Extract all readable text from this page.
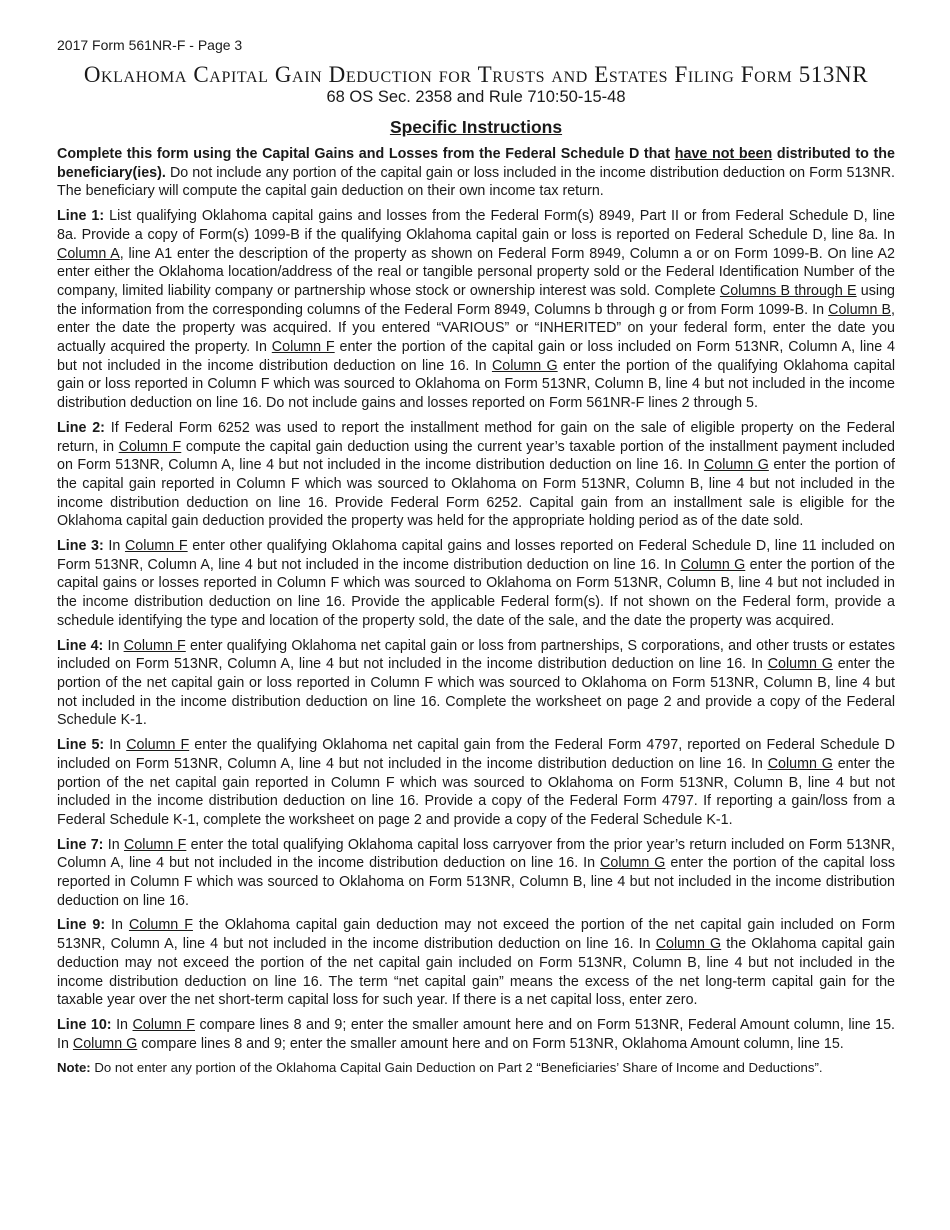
2017 Form 561NR-F - Page 3
Oklahoma Capital Gain Deduction for Trusts and Estates Filing Form 513NR
68 OS Sec. 2358 and Rule 710:50-15-48
Specific Instructions

Complete this form using the Capital Gains and Losses from the Federal Schedule D that have not been distributed to the beneficiary(ies). Do not include any portion of the capital gain or loss included in the income distribution deduction on Form 513NR. The beneficiary will compute the capital gain deduction on their own income tax return.

Line 1: List qualifying Oklahoma capital gains and losses from the Federal Form(s) 8949, Part II or from Federal Schedule D, line 8a. Provide a copy of Form(s) 1099-B if the qualifying Oklahoma capital gain or loss is reported on Federal Schedule D, line 8a. In Column A, line A1 enter the description of the property as shown on Federal Form 8949, Column a or on Form 1099-B. On line A2 enter either the Oklahoma location/address of the real or tangible personal property sold or the Federal Identification Number of the company, limited liability company or partnership whose stock or ownership interest was sold. Complete Columns B through E using the information from the corresponding columns of the Federal Form 8949, Columns b through g or from Form 1099-B. In Column B, enter the date the property was acquired. If you entered “VARIOUS” or “INHERITED” on your federal form, enter the date you actually acquired the property. In Column F enter the portion of the capital gain or loss included on Form 513NR, Column A, line 4 but not included in the income distribution deduction on line 16. In Column G enter the portion of the qualifying Oklahoma capital gain or loss reported in Column F which was sourced to Oklahoma on Form 513NR, Column B, line 4 but not included in the income distribution deduction on line 16. Do not include gains and losses reported on Form 561NR-F lines 2 through 5.

Line 2: If Federal Form 6252 was used to report the installment method for gain on the sale of eligible property on the Federal return, in Column F compute the capital gain deduction using the current year’s taxable portion of the installment payment included on Form 513NR, Column A, line 4 but not included in the income distribution deduction on line 16. In Column G enter the portion of the capital gain reported in Column F which was sourced to Oklahoma on Form 513NR, Column B, line 4 but not included in the income distribution deduction on line 16. Provide Federal Form 6252. Capital gain from an installment sale is eligible for the Oklahoma capital gain deduction provided the property was held for the appropriate holding period as of the date sold.

Line 3: In Column F enter other qualifying Oklahoma capital gains and losses reported on Federal Schedule D, line 11 included on Form 513NR, Column A, line 4 but not included in the income distribution deduction on line 16. In Column G enter the portion of the capital gains or losses reported in Column F which was sourced to Oklahoma on Form 513NR, Column B, line 4 but not included in the income distribution deduction on line 16. Provide the applicable Federal form(s). If not shown on the Federal form, provide a schedule identifying the type and location of the property sold, the date of the sale, and the date the property was acquired.

Line 4: In Column F enter qualifying Oklahoma net capital gain or loss from partnerships, S corporations, and other trusts or estates included on Form 513NR, Column A, line 4 but not included in the income distribution deduction on line 16. In Column G enter the portion of the net capital gain or loss reported in Column F which was sourced to Oklahoma on Form 513NR, Column B, line 4 but not included in the income distribution deduction on line 16. Complete the worksheet on page 2 and provide a copy of the Federal Schedule K-1.

Line 5: In Column F enter the qualifying Oklahoma net capital gain from the Federal Form 4797, reported on Federal Schedule D included on Form 513NR, Column A, line 4 but not included in the income distribution deduction on line 16. In Column G enter the portion of the net capital gain reported in Column F which was sourced to Oklahoma on Form 513NR, Column B, line 4 but not included in the income distribution deduction on line 16. Provide a copy of the Federal Form 4797. If reporting a gain/loss from a Federal Schedule K-1, complete the worksheet on page 2 and provide a copy of the Federal Schedule K-1.

Line 7: In Column F enter the total qualifying Oklahoma capital loss carryover from the prior year’s return included on Form 513NR, Column A, line 4 but not included in the income distribution deduction on line 16. In Column G enter the portion of the capital loss reported in Column F which was sourced to Oklahoma on Form 513NR, Column B, line 4 but not included in the income distribution deduction on line 16.

Line 9: In Column F the Oklahoma capital gain deduction may not exceed the portion of the net capital gain included on Form 513NR, Column A, line 4 but not included in the income distribution deduction on line 16. In Column G the Oklahoma capital gain deduction may not exceed the portion of the net capital gain included on Form 513NR, Column B, line 4 but not included in the income distribution deduction on line 16. The term “net capital gain” means the excess of the net long-term capital gain for the taxable year over the net short-term capital loss for such year. If there is a net capital loss, enter zero.

Line 10: In Column F compare lines 8 and 9; enter the smaller amount here and on Form 513NR, Federal Amount column, line 15. In Column G compare lines 8 and 9; enter the smaller amount here and on Form 513NR, Oklahoma Amount column, line 15.

Note: Do not enter any portion of the Oklahoma Capital Gain Deduction on Part 2 “Beneficiaries’ Share of Income and Deductions”.
